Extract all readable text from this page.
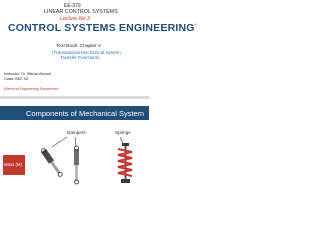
EE-379
LINEAR CONTROL SYSTEMS
Lecture No 3
CONTROL SYSTEMS ENGINEERING*
Text Book: Chapter 2
(Translational Mechanical System
Transfer Functions)
Instructor: Dr. Iftikhar Ahmad
Class: BEE 5D
Electrical Engineering Department
Components of Mechanical System
Dampers	Springs
Mass (M)
